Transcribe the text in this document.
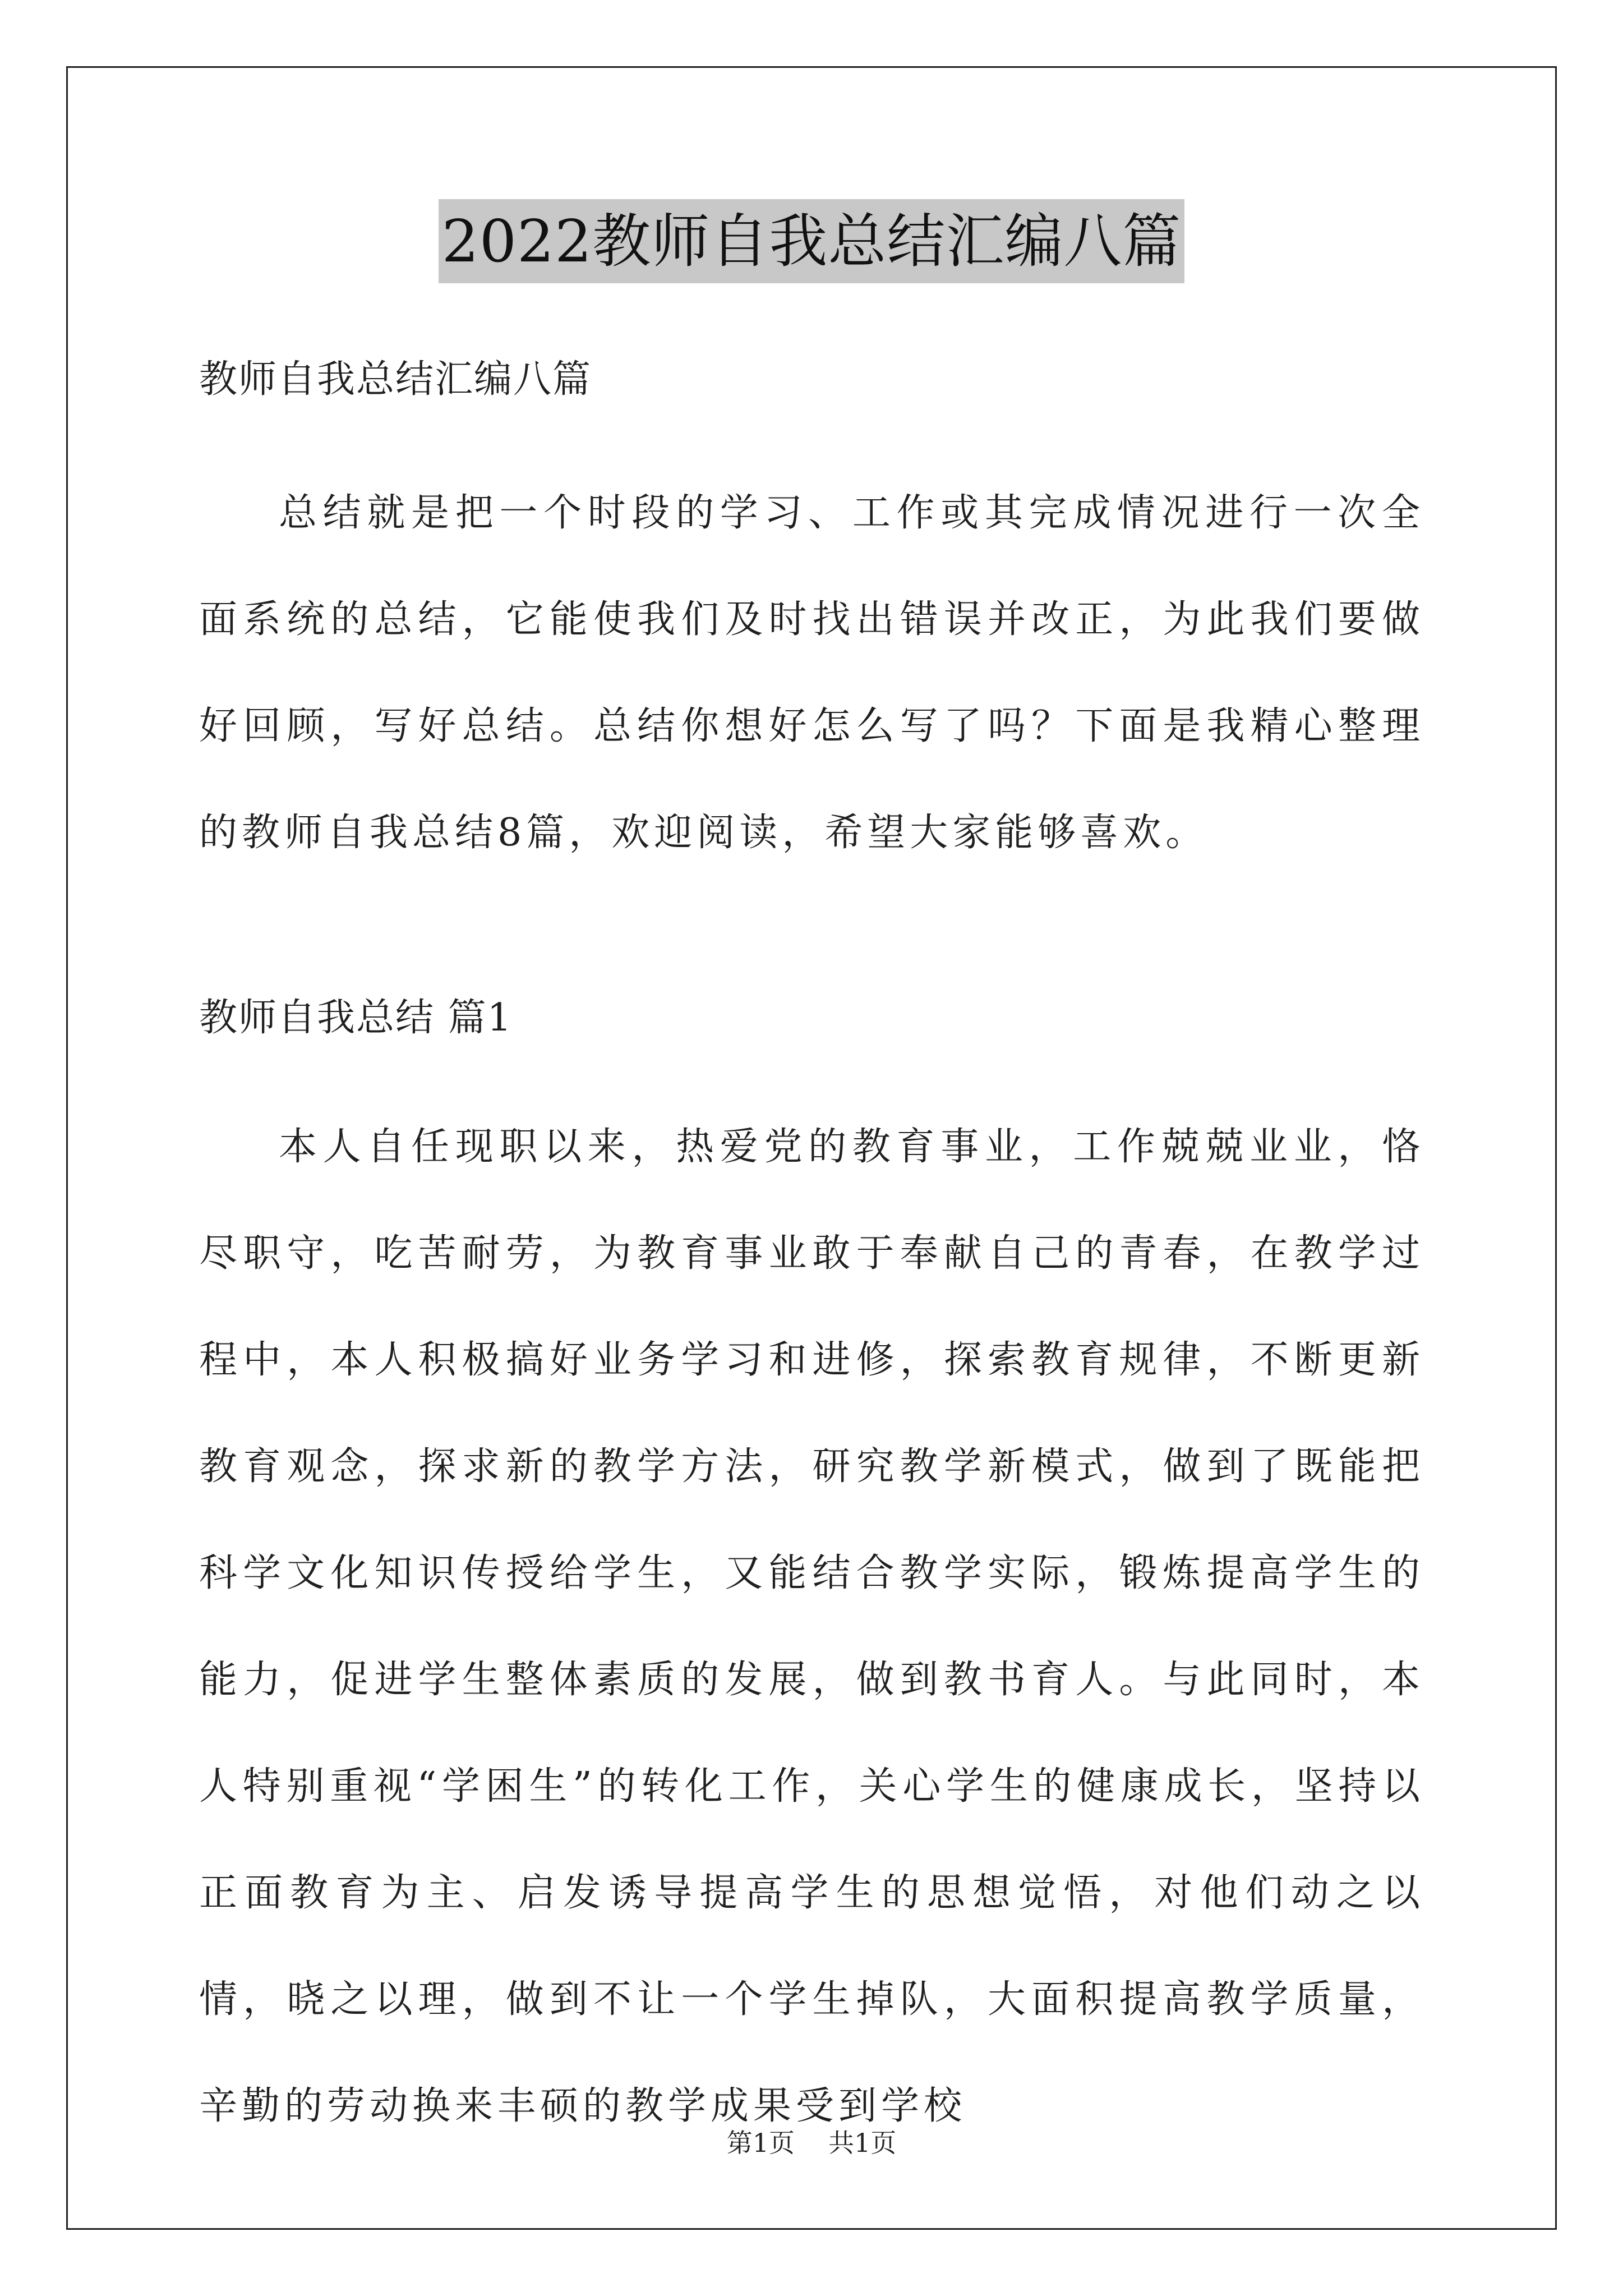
2022教师自我总结汇编八篇
教师自我总结汇编八篇
总结就是把一个时段的学习、工作或其完成情况进行一次全面系统的总结，它能使我们及时找出错误并改正，为此我们要做好回顾，写好总结。总结你想好怎么写了吗？下面是我精心整理的教师自我总结8篇，欢迎阅读，希望大家能够喜欢。
教师自我总结 篇1
本人自任现职以来，热爱党的教育事业，工作兢兢业业，恪尽职守，吃苦耐劳，为教育事业敢于奉献自己的青春，在教学过程中，本人积极搞好业务学习和进修，探索教育规律，不断更新教育观念，探求新的教学方法，研究教学新模式，做到了既能把科学文化知识传授给学生，又能结合教学实际，锻炼提高学生的能力，促进学生整体素质的发展，做到教书育人。与此同时，本人特别重视“学困生”的转化工作，关心学生的健康成长，坚持以正面教育为主、启发诱导提高学生的思想觉悟，对他们动之以情，晓之以理，做到不让一个学生掉队，大面积提高教学质量，辛勤的劳动换来丰硕的教学成果受到学校
第1页 共1页
